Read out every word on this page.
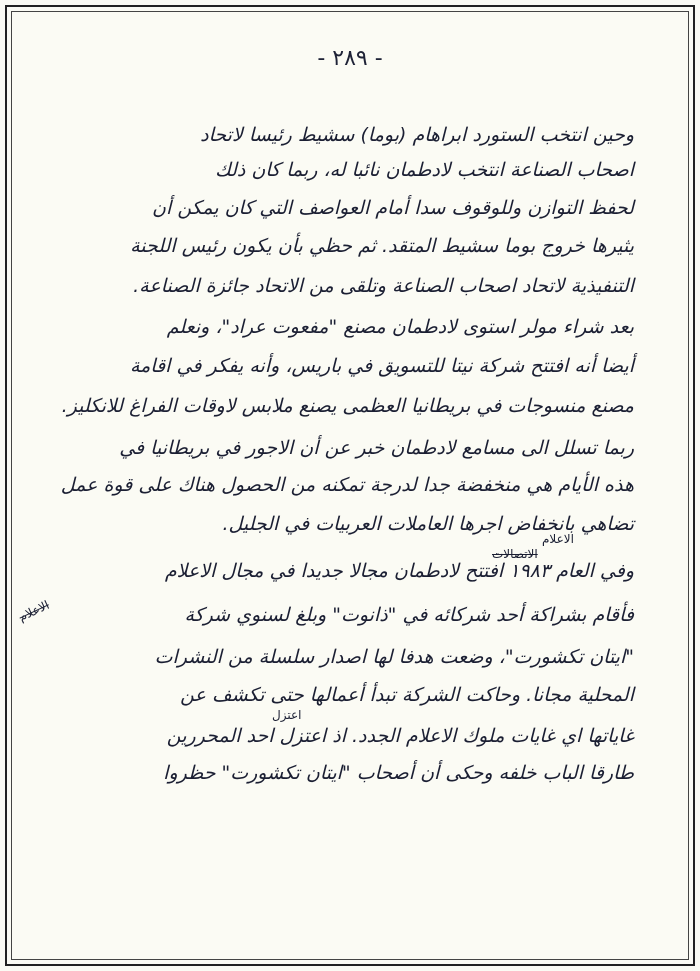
- ٢٨٩ -
وحين انتخب الستورد ابراهام (بوما) سشيط رئيسا لاتحاد
اصحاب الصناعة انتخب لادطمان نائبا له، ربما كان ذلك
لحفظ التوازن وللوقوف سدا أمام العواصف التي كان يمكن أن
يثيرها خروج بوما سشيط المتقد. ثم حظي بأن يكون رئيس اللجنة
التنفيذية لاتحاد اصحاب الصناعة وتلقى من الاتحاد جائزة الصناعة.
بعد شراء مولر استوى لادطمان مصنع "مفعوت عراد"، ونعلم
أيضا أنه افتتح شركة نيتا للتسويق في باريس، وأنه يفكر في اقامة
مصنع منسوجات في بريطانيا العظمى يصنع ملابس لاوقات الفراغ للانكليز.
ربما تسلل الى مسامع لادطمان خبر عن أن الاجور في بريطانيا في
هذه الأيام هي منخفضة جدا لدرجة تمكنه من الحصول هناك على قوة عمل
تضاهي بانخفاض اجرها العاملات العربيات في الجليل.
وفي العام ١٩٨٣ افتتح لادطمان مجالا جديدا في مجال الاعلام
فأقام بشراكة أحد شركائه في "ذانوت" وبلغ لسنوي شركة
"ايتان تكشورت"، وضعت هدفا لها اصدار سلسلة من النشرات
المحلية مجانا. وحاكت الشركة تبدأ أعمالها حتى تكشف عن
غاياتها اي غايات ملوك الاعلام الجدد. اذ اعتزل احد المحررين
طارقا الباب خلفه وحكى أن أصحاب "ايتان تكشورت" حظروا
الاعلام
الاتصالات
الاعلام
اعتزل
